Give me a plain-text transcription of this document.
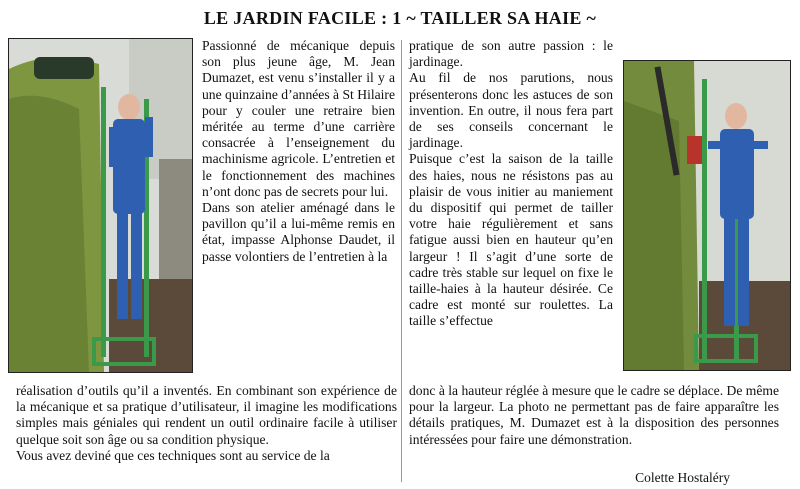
LE JARDIN FACILE : 1 ~ TAILLER SA HAIE ~

Passionné de mécanique depuis son plus jeune âge, M. Jean Dumazet, est venu s’installer il y a une quinzaine d’années à St Hilaire pour y couler une retraire bien méritée au terme d’une carrière consacrée à l’enseignement du machinisme agricole. L’entretien et le fonctionnement des machines n’ont donc pas de secrets pour lui.

Dans son atelier aménagé dans le pavillon qu’il a lui-même remis en état, impasse Alphonse Daudet, il passe volontiers de l’entretien à la

pratique de son autre passion : le jardinage.

Au fil de nos parutions, nous présenterons donc les astuces de son invention. En outre, il nous fera part de ses conseils concernant le jardinage.

Puisque c’est la saison de la taille des haies, nous ne résistons pas au plaisir de vous initier au maniement du dispositif qui permet de tailler votre haie régulièrement et sans fatigue aussi bien en hauteur qu’en largeur ! Il s’agit d’une sorte de cadre très stable sur lequel on fixe le taille-haies à la hauteur désirée. Ce cadre est monté sur roulettes. La taille s’effectue

réalisation d’outils qu’il a inventés. En combinant son expérience de la mécanique et sa pratique d’utilisateur, il imagine les modifications simples mais géniales qui rendent un outil ordinaire facile à utiliser quelque soit son âge ou sa condition physique.

Vous avez deviné que ces techniques sont au service de la

donc à la hauteur réglée à mesure que le cadre se déplace. De même pour la largeur. La photo ne permettant pas de faire apparaître les détails pratiques, M. Dumazet est à la disposition des personnes intéressées pour faire une démonstration.

Colette Hostaléry
